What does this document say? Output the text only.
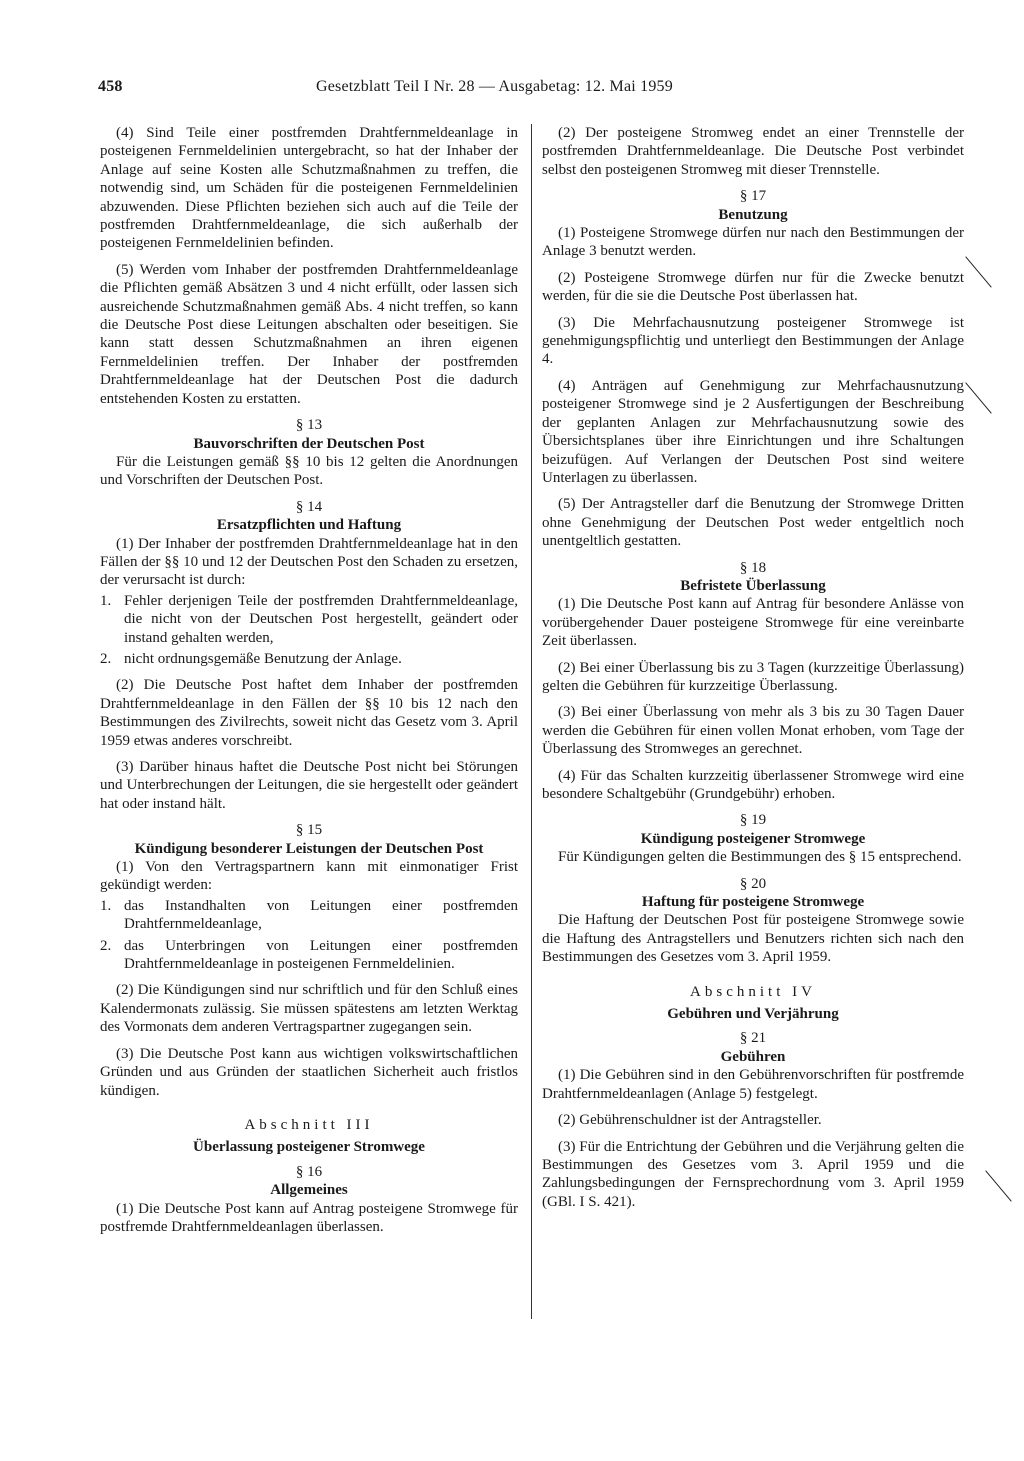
458	Gesetzblatt Teil I Nr. 28 — Ausgabetag: 12. Mai 1959

(4) Sind Teile einer postfremden Drahtfernmeldeanlage in posteigenen Fernmeldelinien untergebracht, so hat der Inhaber der Anlage auf seine Kosten alle Schutzmaßnahmen zu treffen, die notwendig sind, um Schäden für die posteigenen Fernmeldelinien abzuwenden. Diese Pflichten beziehen sich auch auf die Teile der postfremden Drahtfernmeldeanlage, die sich außerhalb der posteigenen Fernmeldelinien befinden.

(5) Werden vom Inhaber der postfremden Drahtfernmeldeanlage die Pflichten gemäß Absätzen 3 und 4 nicht erfüllt, oder lassen sich ausreichende Schutzmaßnahmen gemäß Abs. 4 nicht treffen, so kann die Deutsche Post diese Leitungen abschalten oder beseitigen. Sie kann statt dessen Schutzmaßnahmen an ihren eigenen Fernmeldelinien treffen. Der Inhaber der postfremden Drahtfernmeldeanlage hat der Deutschen Post die dadurch entstehenden Kosten zu erstatten.

§ 13

Bauvorschriften der Deutschen Post

Für die Leistungen gemäß §§ 10 bis 12 gelten die Anordnungen und Vorschriften der Deutschen Post.

§ 14

Ersatzpflichten und Haftung

(1) Der Inhaber der postfremden Drahtfernmeldeanlage hat in den Fällen der §§ 10 und 12 der Deutschen Post den Schaden zu ersetzen, der verursacht ist durch:

1. Fehler derjenigen Teile der postfremden Drahtfernmeldeanlage, die nicht von der Deutschen Post hergestellt, geändert oder instand gehalten werden,
2. nicht ordnungsgemäße Benutzung der Anlage.

(2) Die Deutsche Post haftet dem Inhaber der postfremden Drahtfernmeldeanlage in den Fällen der §§ 10 bis 12 nach den Bestimmungen des Zivilrechts, soweit nicht das Gesetz vom 3. April 1959 etwas anderes vorschreibt.

(3) Darüber hinaus haftet die Deutsche Post nicht bei Störungen und Unterbrechungen der Leitungen, die sie hergestellt oder geändert hat oder instand hält.

§ 15

Kündigung besonderer Leistungen der Deutschen Post

(1) Von den Vertragspartnern kann mit einmonatiger Frist gekündigt werden:

1. das Instandhalten von Leitungen einer postfremden Drahtfernmeldeanlage,
2. das Unterbringen von Leitungen einer postfremden Drahtfernmeldeanlage in posteigenen Fernmeldelinien.

(2) Die Kündigungen sind nur schriftlich und für den Schluß eines Kalendermonats zulässig. Sie müssen spätestens am letzten Werktag des Vormonats dem anderen Vertragspartner zugegangen sein.

(3) Die Deutsche Post kann aus wichtigen volkswirtschaftlichen Gründen und aus Gründen der staatlichen Sicherheit auch fristlos kündigen.

Abschnitt III

Überlassung posteigener Stromwege

§ 16

Allgemeines

(1) Die Deutsche Post kann auf Antrag posteigene Stromwege für postfremde Drahtfernmeldeanlagen überlassen.

(2) Der posteigene Stromweg endet an einer Trennstelle der postfremden Drahtfernmeldeanlage. Die Deutsche Post verbindet selbst den posteigenen Stromweg mit dieser Trennstelle.

§ 17

Benutzung

(1) Posteigene Stromwege dürfen nur nach den Bestimmungen der Anlage 3 benutzt werden.

(2) Posteigene Stromwege dürfen nur für die Zwecke benutzt werden, für die sie die Deutsche Post überlassen hat.

(3) Die Mehrfachausnutzung posteigener Stromwege ist genehmigungspflichtig und unterliegt den Bestimmungen der Anlage 4.

(4) Anträgen auf Genehmigung zur Mehrfachausnutzung posteigener Stromwege sind je 2 Ausfertigungen der Beschreibung der geplanten Anlagen zur Mehrfachausnutzung sowie des Übersichtsplanes über ihre Einrichtungen und ihre Schaltungen beizufügen. Auf Verlangen der Deutschen Post sind weitere Unterlagen zu überlassen.

(5) Der Antragsteller darf die Benutzung der Stromwege Dritten ohne Genehmigung der Deutschen Post weder entgeltlich noch unentgeltlich gestatten.

§ 18

Befristete Überlassung

(1) Die Deutsche Post kann auf Antrag für besondere Anlässe von vorübergehender Dauer posteigene Stromwege für eine vereinbarte Zeit überlassen.

(2) Bei einer Überlassung bis zu 3 Tagen (kurzzeitige Überlassung) gelten die Gebühren für kurzzeitige Überlassung.

(3) Bei einer Überlassung von mehr als 3 bis zu 30 Tagen Dauer werden die Gebühren für einen vollen Monat erhoben, vom Tage der Überlassung des Stromweges an gerechnet.

(4) Für das Schalten kurzzeitig überlassener Stromwege wird eine besondere Schaltgebühr (Grundgebühr) erhoben.

§ 19

Kündigung posteigener Stromwege

Für Kündigungen gelten die Bestimmungen des § 15 entsprechend.

§ 20

Haftung für posteigene Stromwege

Die Haftung der Deutschen Post für posteigene Stromwege sowie die Haftung des Antragstellers und Benutzers richten sich nach den Bestimmungen des Gesetzes vom 3. April 1959.

Abschnitt IV

Gebühren und Verjährung

§ 21

Gebühren

(1) Die Gebühren sind in den Gebührenvorschriften für postfremde Drahtfernmeldeanlagen (Anlage 5) festgelegt.

(2) Gebührenschuldner ist der Antragsteller.

(3) Für die Entrichtung der Gebühren und die Verjährung gelten die Bestimmungen des Gesetzes vom 3. April 1959 und die Zahlungsbedingungen der Fernsprechordnung vom 3. April 1959 (GBl. I S. 421).
